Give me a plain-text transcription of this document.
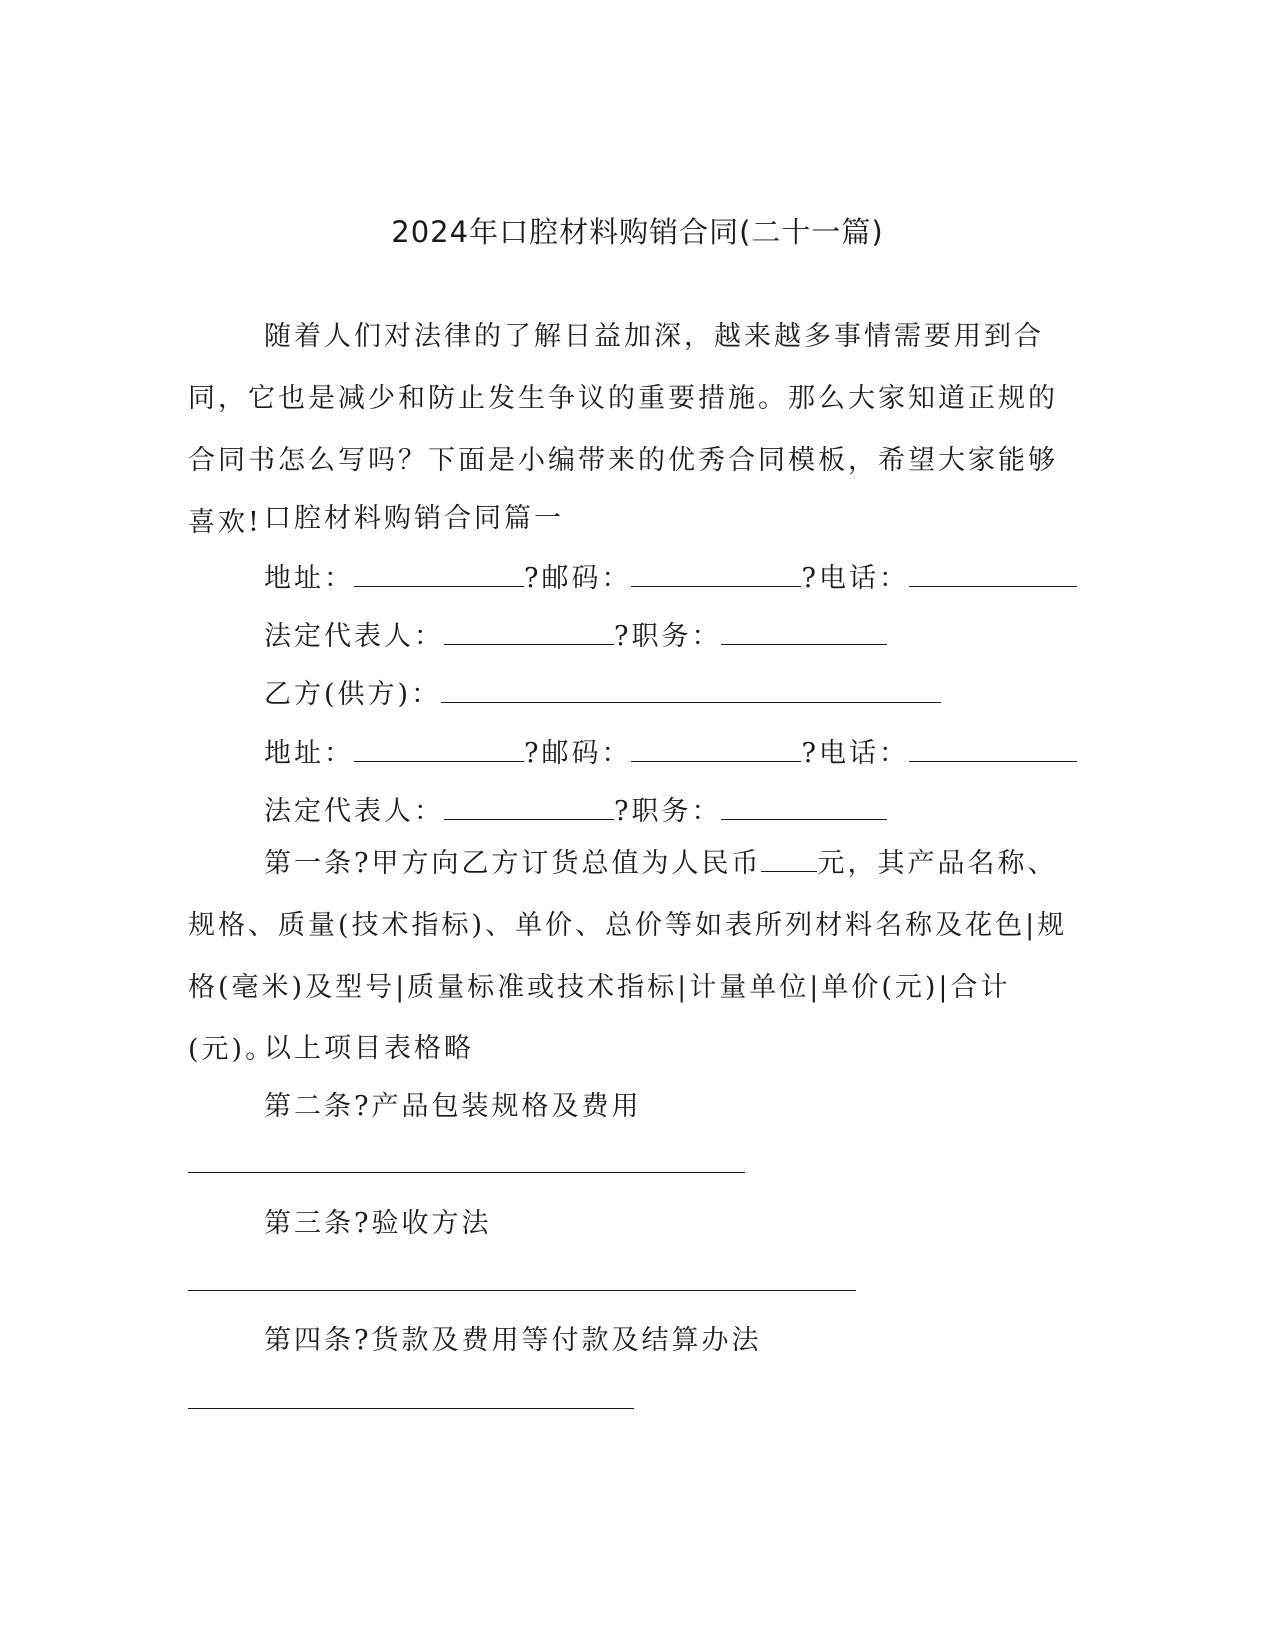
2024年口腔材料购销合同(二十一篇)

随着人们对法律的了解日益加深，越来越多事情需要用到合同，它也是减少和防止发生争议的重要措施。那么大家知道正规的合同书怎么写吗？下面是小编带来的优秀合同模板，希望大家能够喜欢! 口腔材料购销合同篇一
地址：	?邮码：	?电话：
法定代表人：	?职务：
乙方(供方)：
地址：	?邮码：	?电话：
法定代表人：	?职务：

第一条?甲方向乙方订货总值为人民币 元，其产品名称、规格、质量(技术指标)、单价、总价等如表所列材料名称及花色|规格(毫米)及型号|质量标准或技术指标|计量单位|单价(元)|合计(元)。

以上项目表格略
第二条?产品包装规格及费用
第三条?验收方法
第四条?货款及费用等付款及结算办法
